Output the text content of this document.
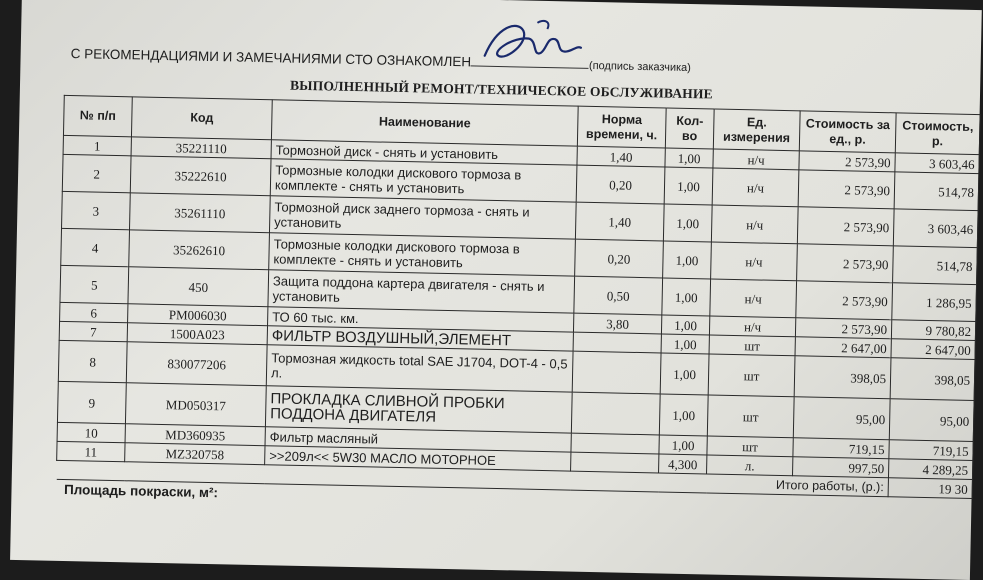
С РЕКОМЕНДАЦИЯМИ И ЗАМЕЧАНИЯМИ СТО ОЗНАКОМЛЕН	(подпись заказчика)
ВЫПОЛНЕННЫЙ РЕМОНТ/ТЕХНИЧЕСКОЕ ОБСЛУЖИВАНИЕ
№ п/п	Код	Наименование	Норма времени, ч.	Кол-во	Ед. измерения	Стоимость за ед., р.	Стоимость, р.
1	35221110	Тормозной диск - снять и установить	1,40	1,00	н/ч	2 573,90	3 603,46
2	35222610	Тормозные колодки дискового тормоза в комплекте - снять и установить	0,20	1,00	н/ч	2 573,90	514,78
3	35261110	Тормозной диск заднего тормоза - снять и установить	1,40	1,00	н/ч	2 573,90	3 603,46
4	35262610	Тормозные колодки дискового тормоза в комплекте - снять и установить	0,20	1,00	н/ч	2 573,90	514,78
5	450	Защита поддона картера двигателя - снять и установить	0,50	1,00	н/ч	2 573,90	1 286,95
6	PM006030	ТО 60 тыс. км.	3,80	1,00	н/ч	2 573,90	9 780,82
7	1500A023	ФИЛЬТР ВОЗДУШНЫЙ,ЭЛЕМЕНТ		1,00	шт	2 647,00	2 647,00
8	830077206	Тормозная жидкость total SAE J1704, DOT-4 - 0,5 л.		1,00	шт	398,05	398,05
9	MD050317	ПРОКЛАДКА СЛИВНОЙ ПРОБКИ ПОДДОНА ДВИГАТЕЛЯ		1,00	шт	95,00	95,00
10	MD360935	Фильтр масляный		1,00	шт	719,15	719,15
11	MZ320758	>>209л<< 5W30 МАСЛО МОТОРНОЕ		4,300	л.	997,50	4 289,25
Итого работы, (р.):							19 30
Площадь покраски, м²:							
